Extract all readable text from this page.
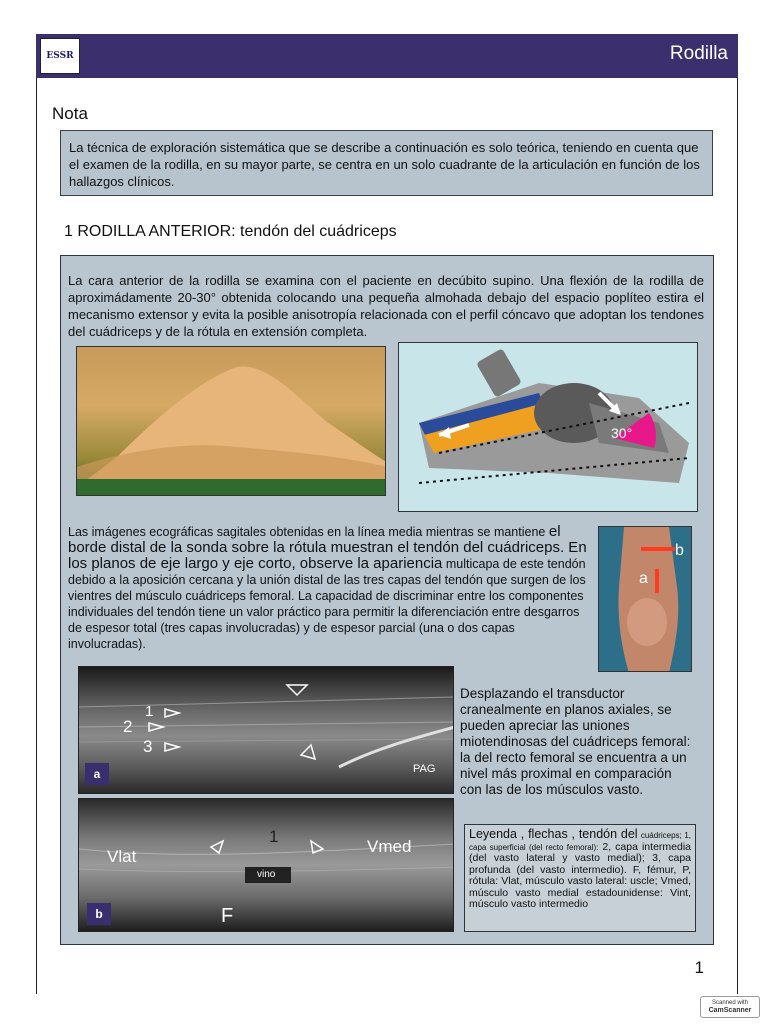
ESSR	Rodilla
Nota
La técnica de exploración sistemática que se describe a continuación es solo teórica, teniendo en cuenta que el examen de la rodilla, en su mayor parte, se centra en un solo cuadrante de la articulación en función de los hallazgos clínicos.
1 RODILLA ANTERIOR: tendón del cuádriceps
La cara anterior de la rodilla se examina con el paciente en decúbito supino. Una flexión de la rodilla de aproximádamente 20-30° obtenida colocando una pequeña almohada debajo del espacio poplíteo estira el mecanismo extensor y evita la posible anisotropía relacionada con el perfil cóncavo que adoptan los tendones del cuádriceps y de la rótula en extensión completa.
30°
Las imágenes ecográficas sagitales obtenidas en la línea media mientras se mantiene el borde distal de la sonda sobre la rótula muestran el tendón del cuádriceps. En los planos de eje largo y eje corto, observe la apariencia multicapa de este tendón debido a la aposición cercana y la unión distal de las tres capas del tendón que surgen de los vientres del músculo cuádriceps femoral. La capacidad de discriminar entre los componentes individuales del tendón tiene un valor práctico para permitir la diferenciación entre desgarros de espesor total (tres capas involucradas) y de espesor parcial (una o dos capas involucradas).
b
a
1
2
3
PAG
a
Vlat
Vmed
1
vino
F
b
Desplazando el transductor cranealmente en planos axiales, se pueden apreciar las uniones miotendinosas del cuádriceps femoral: la del recto femoral se encuentra a un nivel más proximal en comparación con las de los músculos vasto.
Leyenda , flechas , tendón del cuádriceps; 1, capa superficial (del recto femoral): 2, capa intermedia (del vasto lateral y vasto medial); 3, capa profunda (del vasto intermedio). F, fémur, P, rótula: Vlat, músculo vasto lateral: uscle; Vmed, músculo vasto medial estadounidense: Vint, músculo vasto intermedio
1
Scanned with
CamScanner
